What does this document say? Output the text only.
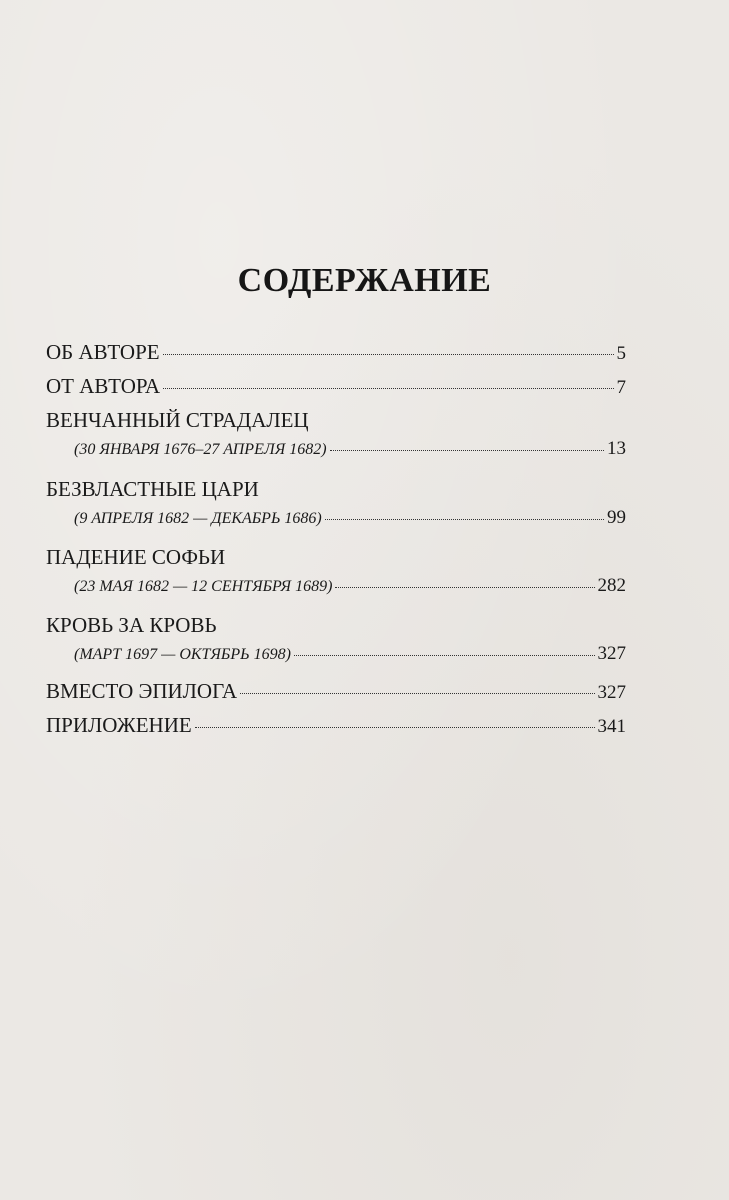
СОДЕРЖАНИЕ
ОБ АВТОРЕ	5
ОТ АВТОРА	7
ВЕНЧАННЫЙ СТРАДАЛЕЦ
(30 ЯНВАРЯ 1676–27 АПРЕЛЯ 1682)	13
БЕЗВЛАСТНЫЕ ЦАРИ
(9 АПРЕЛЯ 1682 — ДЕКАБРЬ 1686)	99
ПАДЕНИЕ СОФЬИ
(23 МАЯ 1682 — 12 СЕНТЯБРЯ 1689)	282
КРОВЬ ЗА КРОВЬ
(МАРТ 1697 — ОКТЯБРЬ 1698)	327
ВМЕСТО ЭПИЛОГА	327
ПРИЛОЖЕНИЕ	341
